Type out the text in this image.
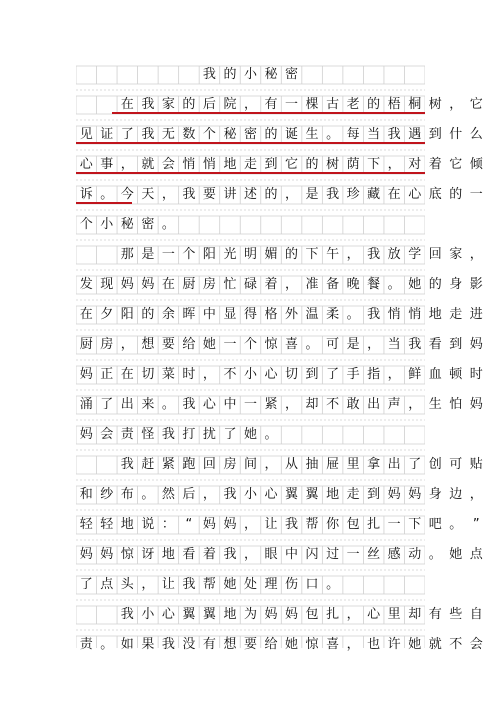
我 的 小 秘 密
在 我 家 的 后 院 ， 有 一 棵 古 老 的 梧 桐 树 ， 它
见 证 了 我 无 数 个 秘 密 的 诞 生 。 每 当 我 遇 到 什 么
心 事 ， 就 会 悄 悄 地 走 到 它 的 树 荫 下 ， 对 着 它 倾
诉 。 今 天 ， 我 要 讲 述 的 ， 是 我 珍 藏 在 心 底 的 一
个 小 秘 密 。
那 是 一 个 阳 光 明 媚 的 下 午 ， 我 放 学 回 家 ，
发 现 妈 妈 在 厨 房 忙 碌 着 ， 准 备 晚 餐 。 她 的 身 影
在 夕 阳 的 余 晖 中 显 得 格 外 温 柔 。 我 悄 悄 地 走 进
厨 房 ， 想 要 给 她 一 个 惊 喜 。 可 是 ， 当 我 看 到 妈
妈 正 在 切 菜 时 ， 不 小 心 切 到 了 手 指 ， 鲜 血 顿 时
涌 了 出 来 。 我 心 中 一 紧 ， 却 不 敢 出 声 ， 生 怕 妈
妈 会 责 怪 我 打 扰 了 她 。
我 赶 紧 跑 回 房 间 ， 从 抽 屉 里 拿 出 了 创 可 贴
和 纱 布 。 然 后 ， 我 小 心 翼 翼 地 走 到 妈 妈 身 边 ，
轻 轻 地 说 ： “ 妈 妈 ， 让 我 帮 你 包 扎 一 下 吧 。 ”
妈 妈 惊 讶 地 看 着 我 ， 眼 中 闪 过 一 丝 感 动 。 她 点
了 点 头 ， 让 我 帮 她 处 理 伤 口 。
我 小 心 翼 翼 地 为 妈 妈 包 扎 ， 心 里 却 有 些 自
责 。 如 果 我 没 有 想 要 给 她 惊 喜 ， 也 许 她 就 不 会
